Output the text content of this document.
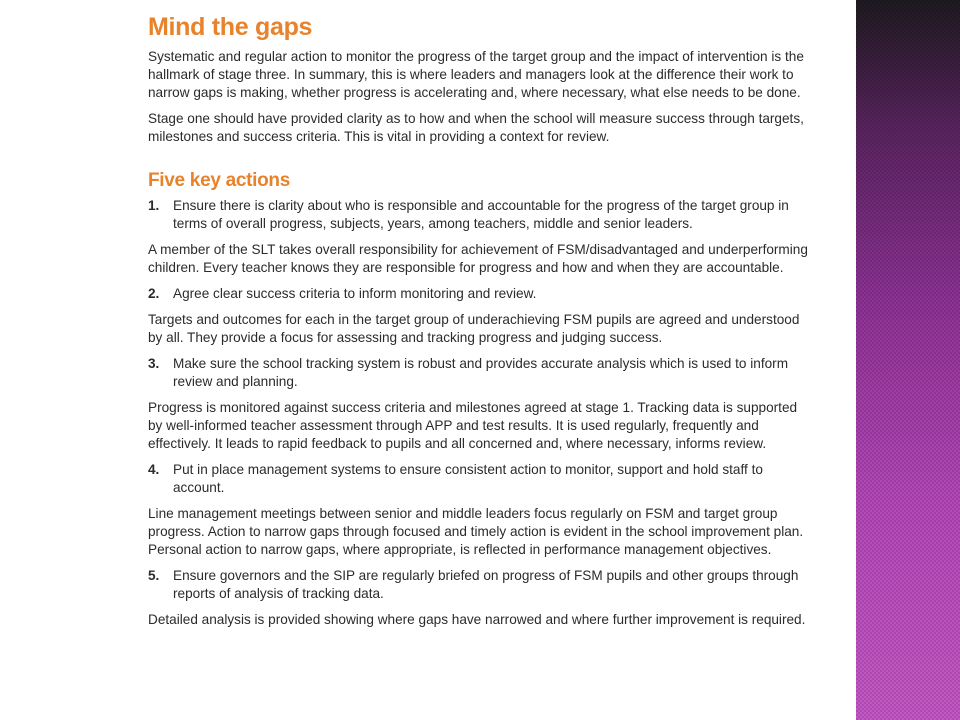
Mind the gaps

Systematic and regular action to monitor the progress of the target group and the impact of intervention is the hallmark of stage three. In summary, this is where leaders and managers look at the difference their work to narrow gaps is making, whether progress is accelerating and, where necessary, what else needs to be done.

Stage one should have provided clarity as to how and when the school will measure success through targets, milestones and success criteria. This is vital in providing a context for review.

Five key actions
1.	Ensure there is clarity about who is responsible and accountable for the progress of the target group in terms of overall progress, subjects, years, among teachers, middle and senior leaders.

A member of the SLT takes overall responsibility for achievement of FSM/disadvantaged and underperforming children. Every teacher knows they are responsible for progress and how and when they are accountable.

2.	Agree clear success criteria to inform monitoring and review.

Targets and outcomes for each in the target group of underachieving FSM pupils are agreed and understood by all. They provide a focus for assessing and tracking progress and judging success.

3.	Make sure the school tracking system is robust and provides accurate analysis which is used to inform review and planning.

Progress is monitored against success criteria and milestones agreed at stage 1. Tracking data is supported by well-informed teacher assessment through APP and test results. It is used regularly, frequently and effectively. It leads to rapid feedback to pupils and all concerned and, where necessary, informs review.

4.	Put in place management systems to ensure consistent action to monitor, support and hold staff to account.

Line management meetings between senior and middle leaders focus regularly on FSM and target group progress. Action to narrow gaps through focused and timely action is evident in the school improvement plan. Personal action to narrow gaps, where appropriate, is reflected in performance management objectives.

5.	Ensure governors and the SIP are regularly briefed on progress of FSM pupils and other groups through reports of analysis of tracking data.

Detailed analysis is provided showing where gaps have narrowed and where further improvement is required.
